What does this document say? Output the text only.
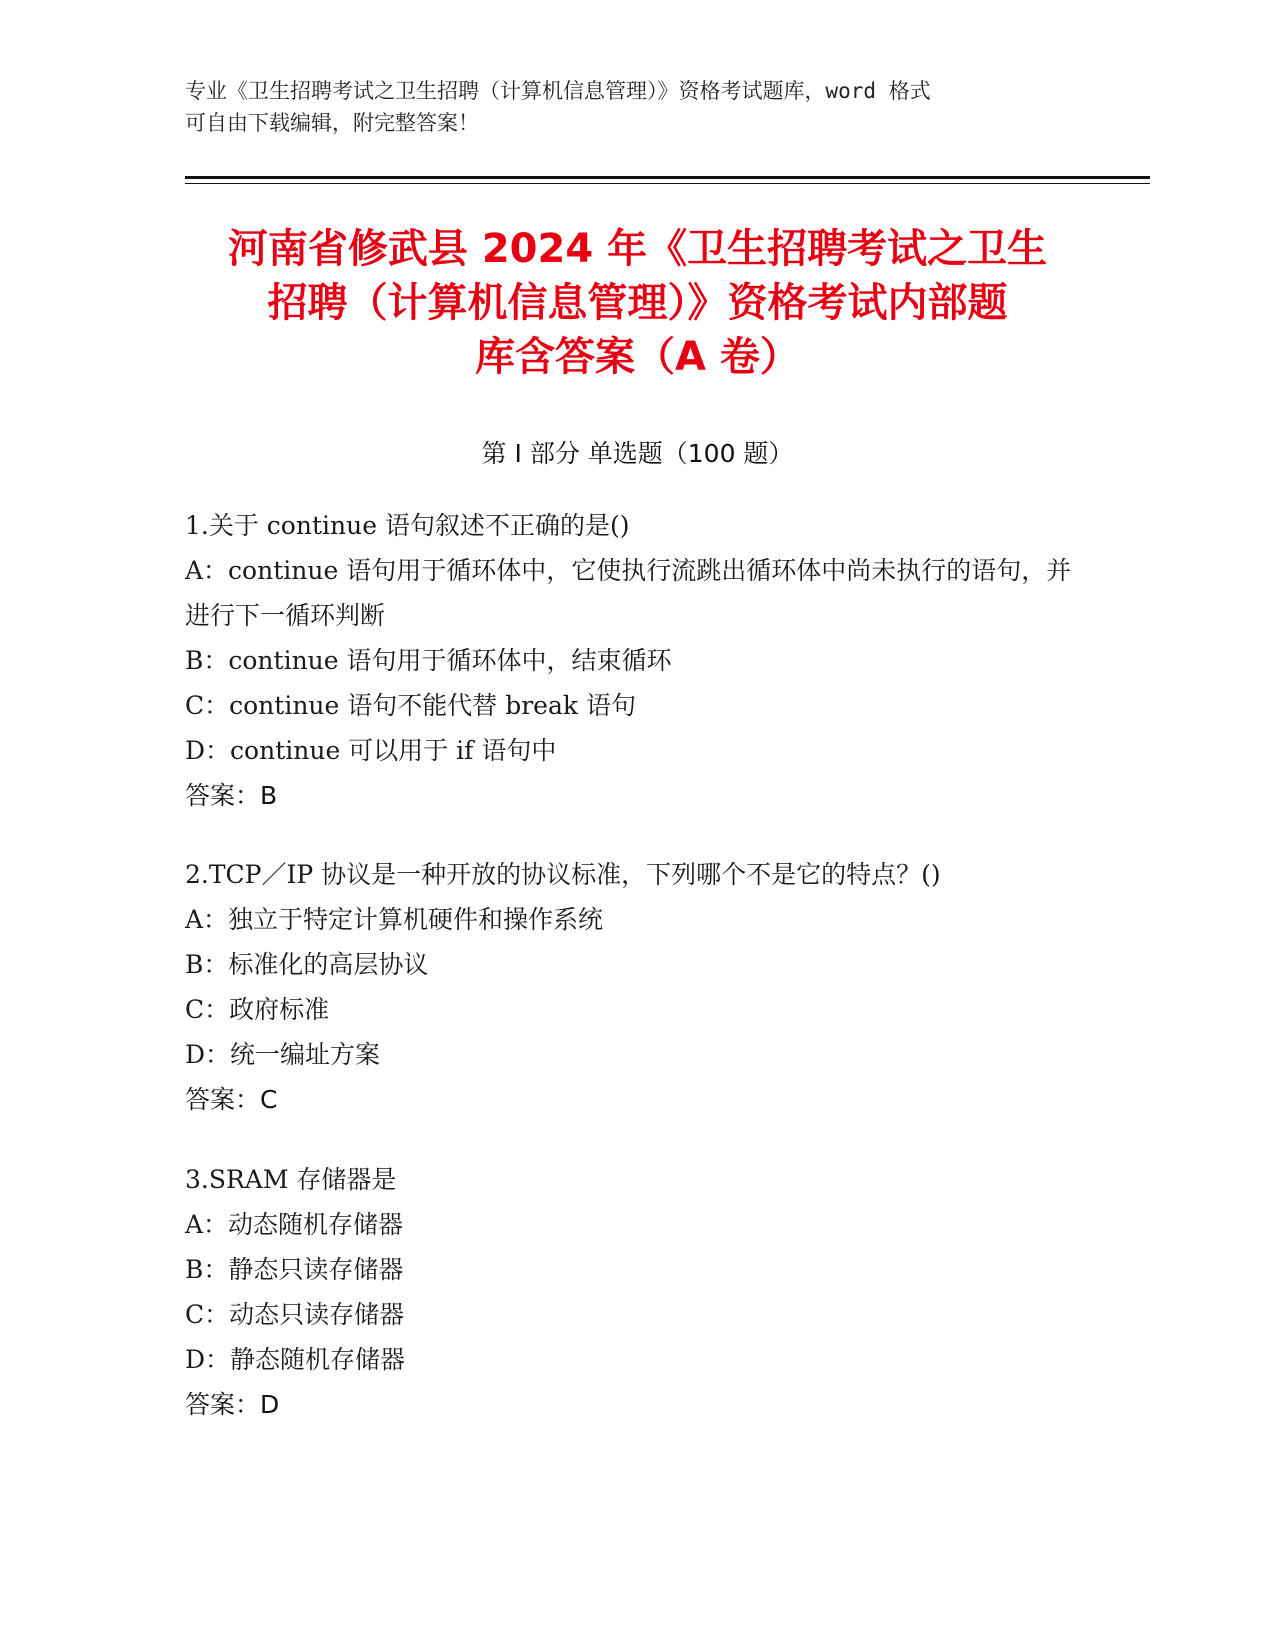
专业《卫生招聘考试之卫生招聘（计算机信息管理）》资格考试题库，word 格式
可自由下载编辑，附完整答案！
河南省修武县 2024 年《卫生招聘考试之卫生
招聘（计算机信息管理）》资格考试内部题
库含答案（A 卷）
第 I 部分 单选题（100 题）
1.关于 continue 语句叙述不正确的是()
A：continue 语句用于循环体中，它使执行流跳出循环体中尚未执行的语句，并进行下一循环判断
B：continue 语句用于循环体中，结束循环
C：continue 语句不能代替 break 语句
D：continue 可以用于 if 语句中
答案：B
2.TCP／IP 协议是一种开放的协议标准，下列哪个不是它的特点？()
A：独立于特定计算机硬件和操作系统
B：标准化的高层协议
C：政府标准
D：统一编址方案
答案：C
3.SRAM 存储器是
A：动态随机存储器
B：静态只读存储器
C：动态只读存储器
D：静态随机存储器
答案：D
